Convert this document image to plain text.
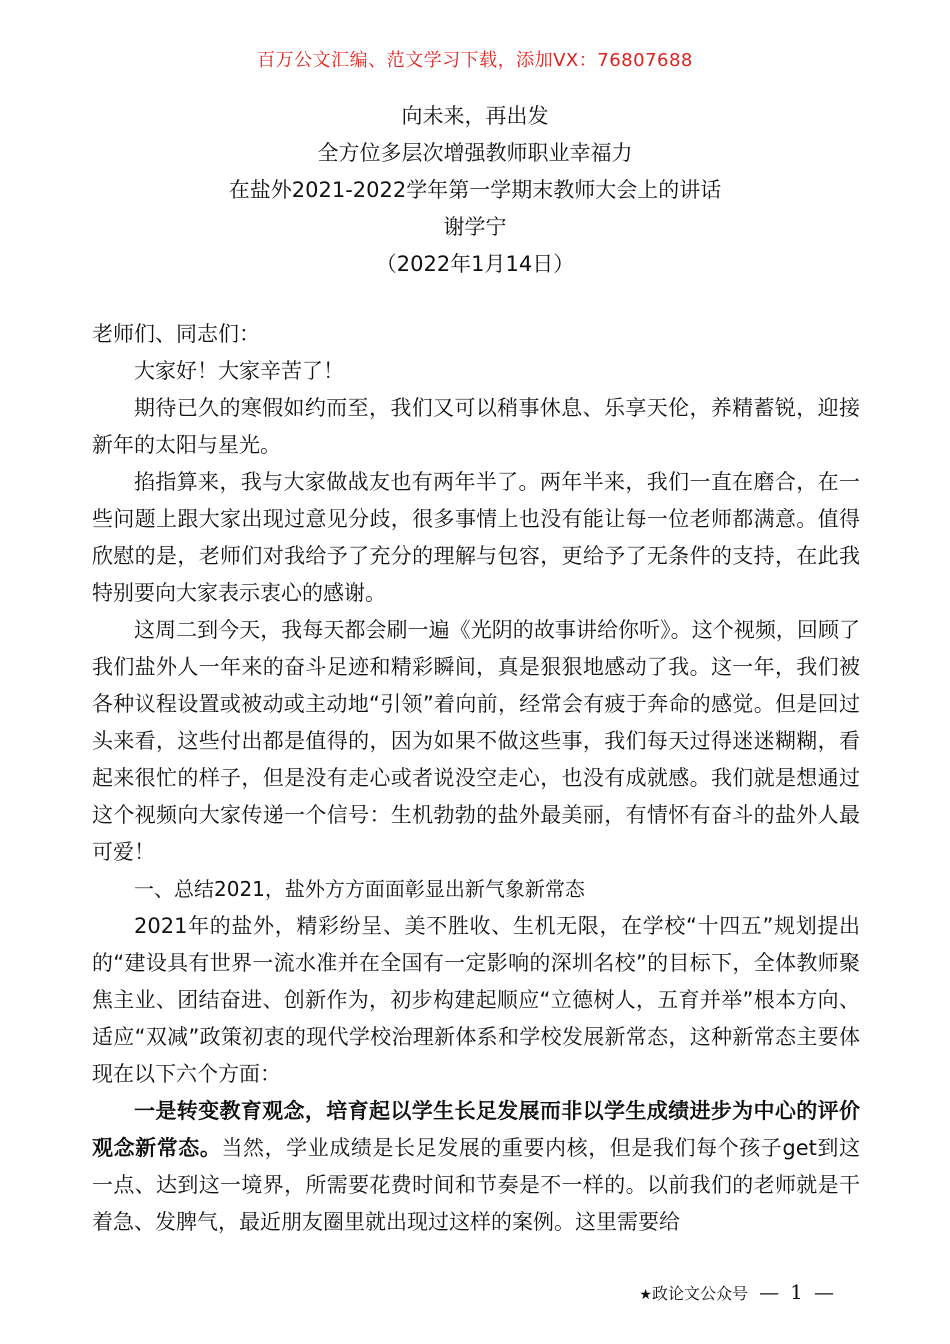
百万公文汇编、范文学习下载，添加VX：76807688
向未来，再出发
全方位多层次增强教师职业幸福力
在盐外2021-2022学年第一学期末教师大会上的讲话
谢学宁
（2022年1月14日）

老师们、同志们：

大家好！大家辛苦了！

期待已久的寒假如约而至，我们又可以稍事休息、乐享天伦，养精蓄锐，迎接新年的太阳与星光。

掐指算来，我与大家做战友也有两年半了。两年半来，我们一直在磨合，在一些问题上跟大家出现过意见分歧，很多事情上也没有能让每一位老师都满意。值得欣慰的是，老师们对我给予了充分的理解与包容，更给予了无条件的支持，在此我特别要向大家表示衷心的感谢。

这周二到今天，我每天都会刷一遍《光阴的故事讲给你听》。这个视频，回顾了我们盐外人一年来的奋斗足迹和精彩瞬间，真是狠狠地感动了我。这一年，我们被各种议程设置或被动或主动地“引领”着向前，经常会有疲于奔命的感觉。但是回过头来看，这些付出都是值得的，因为如果不做这些事，我们每天过得迷迷糊糊，看起来很忙的样子，但是没有走心或者说没空走心，也没有成就感。我们就是想通过这个视频向大家传递一个信号：生机勃勃的盐外最美丽，有情怀有奋斗的盐外人最可爱！

一、总结2021，盐外方方面面彰显出新气象新常态

2021年的盐外，精彩纷呈、美不胜收、生机无限，在学校“十四五”规划提出的“建设具有世界一流水准并在全国有一定影响的深圳名校”的目标下，全体教师聚焦主业、团结奋进、创新作为，初步构建起顺应“立德树人，五育并举”根本方向、适应“双减”政策初衷的现代学校治理新体系和学校发展新常态，这种新常态主要体现在以下六个方面：

一是转变教育观念，培育起以学生长足发展而非以学生成绩进步为中心的评价观念新常态。当然，学业成绩是长足发展的重要内核，但是我们每个孩子get到这一点、达到这一境界，所需要花费时间和节奏是不一样的。以前我们的老师就是干着急、发脾气，最近朋友圈里就出现过这样的案例。这里需要给

★政论文公众号 — 1 —
